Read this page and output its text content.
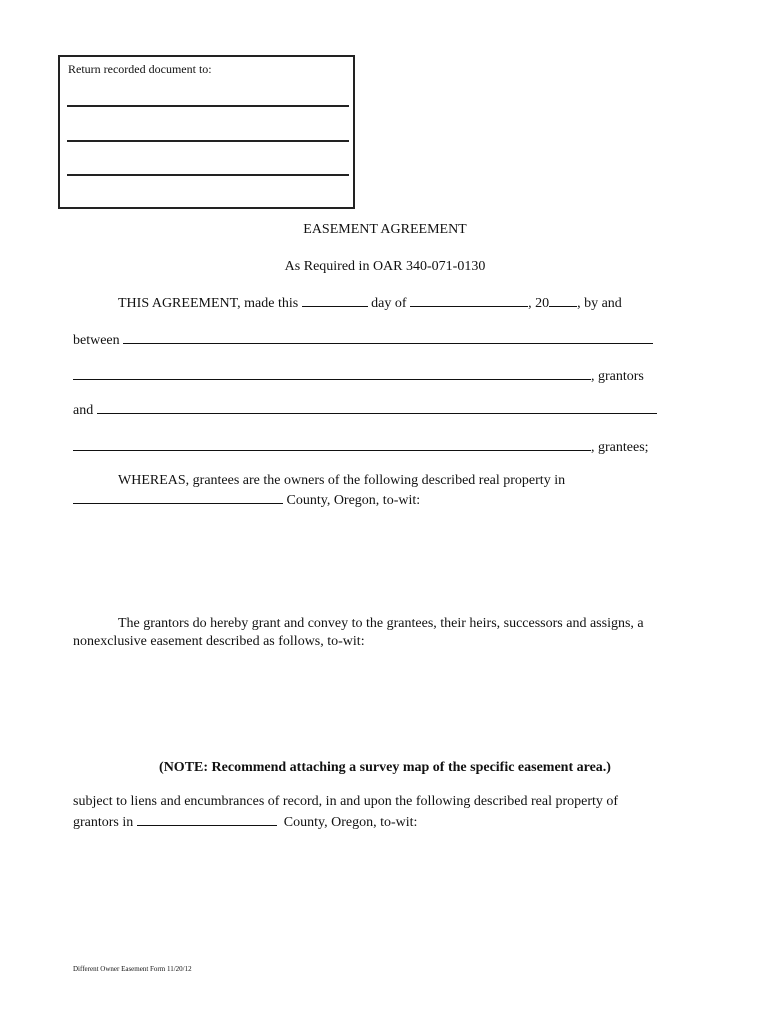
Return recorded document to:
EASEMENT AGREEMENT
As Required in OAR 340-071-0130
THIS AGREEMENT, made this	day of	, 20 , by and
between
, grantors
and
, grantees;
WHEREAS, grantees are the owners of the following described real property in
County, Oregon, to-wit:
The grantors do hereby grant and convey to the grantees, their heirs, successors and assigns, a
nonexclusive easement described as follows, to-wit:
(NOTE: Recommend attaching a survey map of the specific easement area.)
subject to liens and encumbrances of record, in and upon the following described real property of
grantors in	County, Oregon, to-wit:
Different Owner Easement Form 11/20/12
